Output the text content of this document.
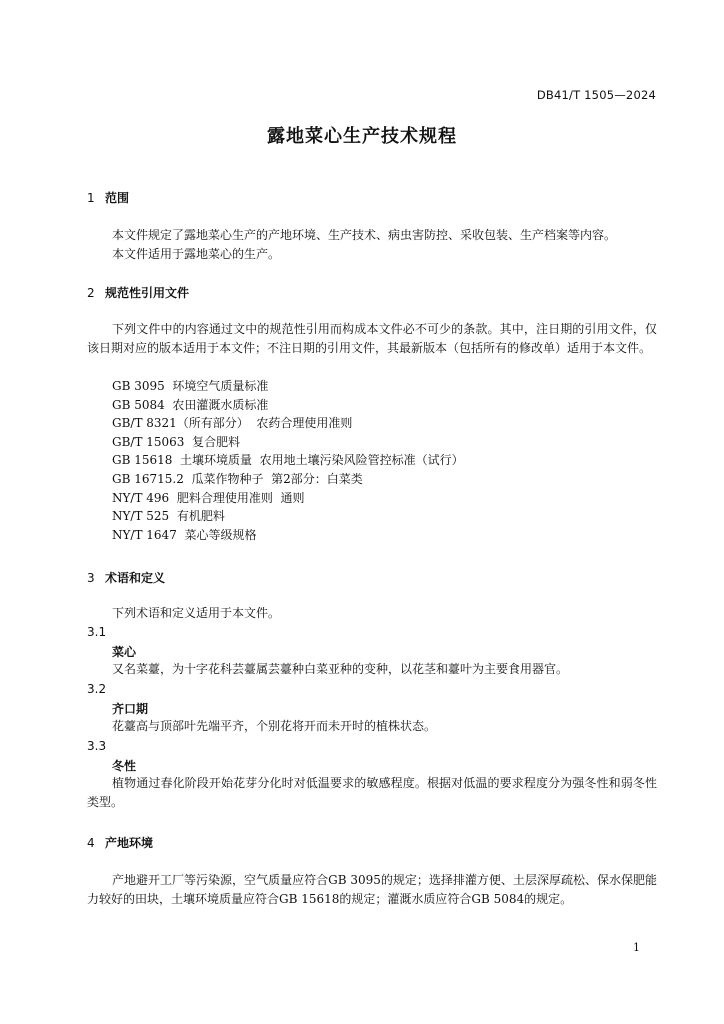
DB41/T 1505—2024
露地菜心生产技术规程
1 范围
本文件规定了露地菜心生产的产地环境、生产技术、病虫害防控、采收包装、生产档案等内容。
本文件适用于露地菜心的生产。
2 规范性引用文件
下列文件中的内容通过文中的规范性引用而构成本文件必不可少的条款。其中，注日期的引用文件，仅该日期对应的版本适用于本文件；不注日期的引用文件，其最新版本（包括所有的修改单）适用于本文件。
GB 3095  环境空气质量标准
GB 5084  农田灌溉水质标准
GB/T 8321（所有部分）  农药合理使用准则
GB/T 15063  复合肥料
GB 15618  土壤环境质量  农用地土壤污染风险管控标准（试行）
GB 16715.2  瓜菜作物种子  第2部分：白菜类
NY/T 496  肥料合理使用准则  通则
NY/T 525  有机肥料
NY/T 1647  菜心等级规格
3 术语和定义
下列术语和定义适用于本文件。
3.1
菜心
又名菜薹，为十字花科芸薹属芸薹种白菜亚种的变种，以花茎和薹叶为主要食用器官。
3.2
齐口期
花薹高与顶部叶先端平齐，个别花将开而未开时的植株状态。
3.3
冬性
植物通过春化阶段开始花芽分化时对低温要求的敏感程度。根据对低温的要求程度分为强冬性和弱冬性类型。
4 产地环境
产地避开工厂等污染源，空气质量应符合GB 3095的规定；选择排灌方便、土层深厚疏松、保水保肥能力较好的田块，土壤环境质量应符合GB 15618的规定；灌溉水质应符合GB 5084的规定。
1
